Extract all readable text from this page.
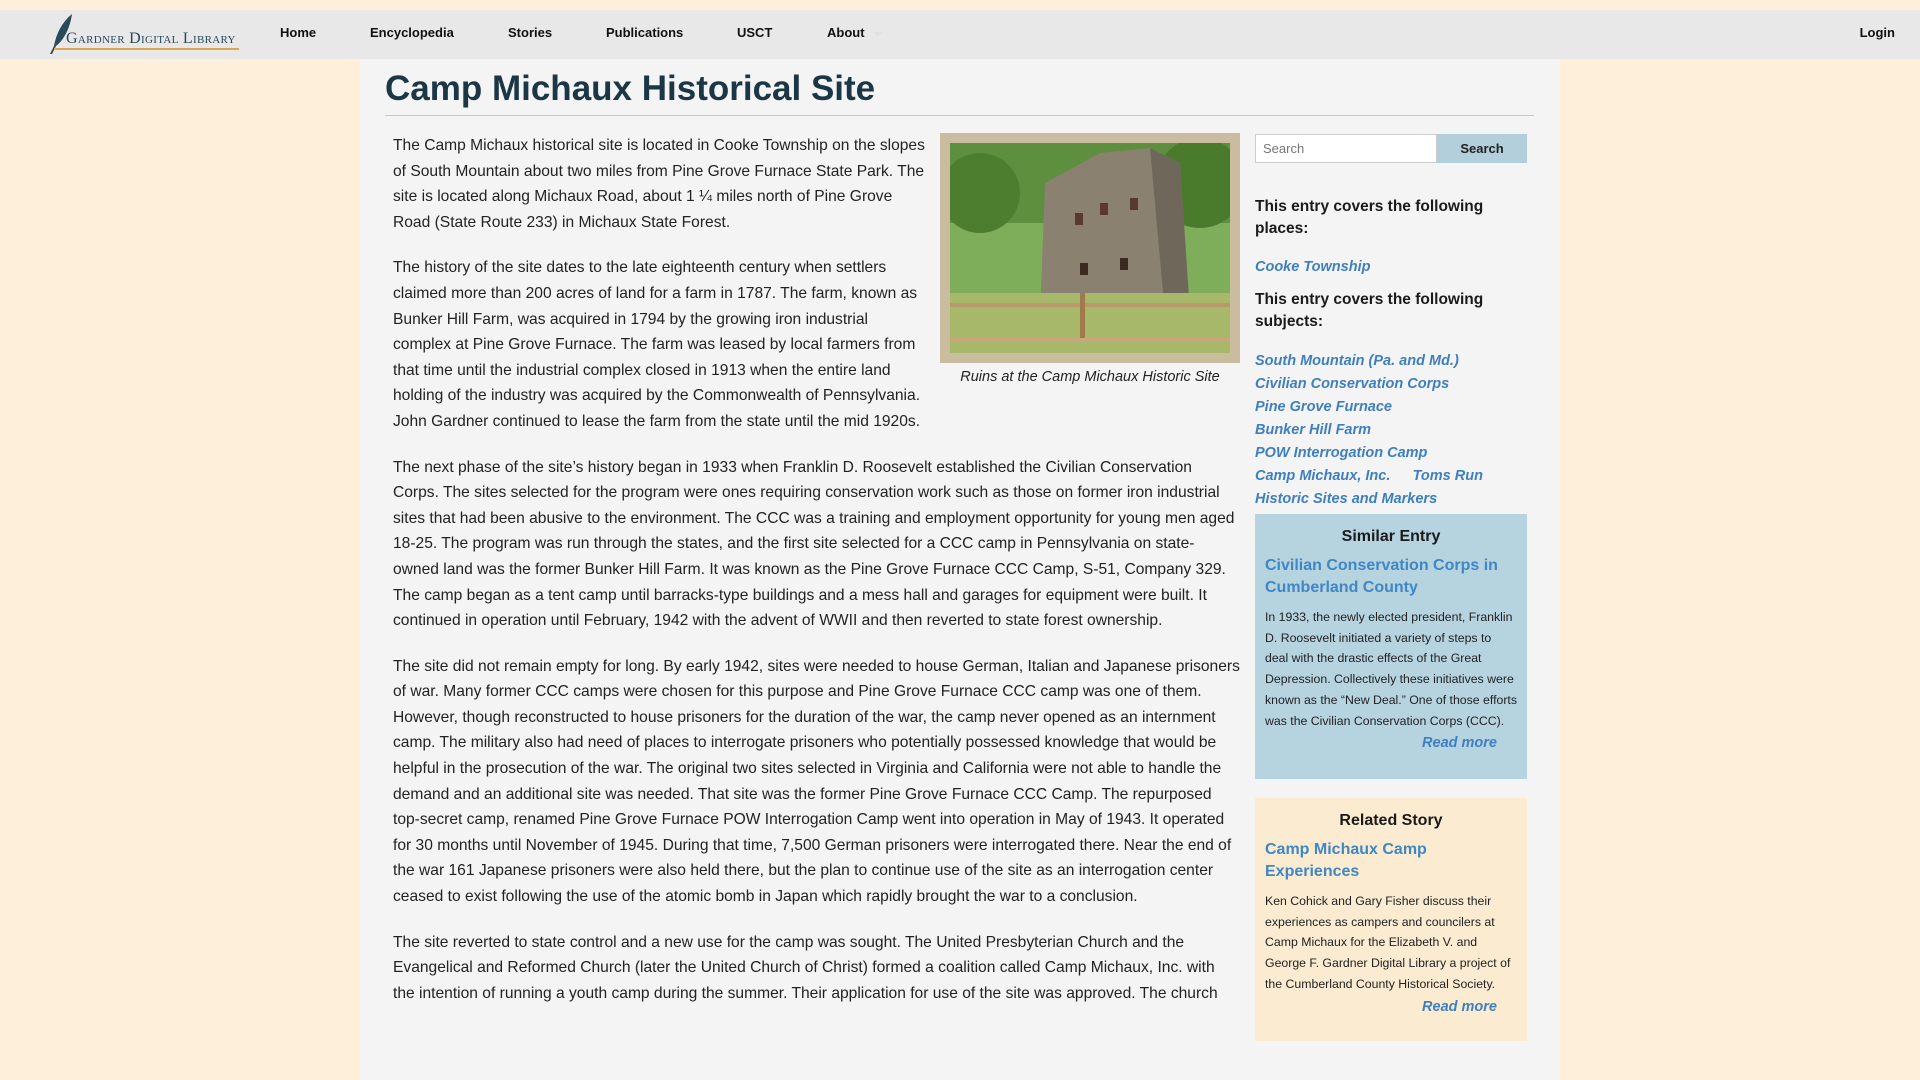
Gardner Digital Library	Home	Encyclopedia	Stories	Publications	USCT	About	Login
Camp Michaux Historical Site
Ruins at the Camp Michaux Historic Site

The Camp Michaux historical site is located in Cooke Township on the slopes of South Mountain about two miles from Pine Grove Furnace State Park. The site is located along Michaux Road, about 1 ¼ miles north of Pine Grove Road (State Route 233) in Michaux State Forest.

The history of the site dates to the late eighteenth century when settlers claimed more than 200 acres of land for a farm in 1787. The farm, known as Bunker Hill Farm, was acquired in 1794 by the growing iron industrial complex at Pine Grove Furnace. The farm was leased by local farmers from that time until the industrial complex closed in 1913 when the entire land holding of the industry was acquired by the Commonwealth of Pennsylvania. John Gardner continued to lease the farm from the state until the mid 1920s.

The next phase of the site’s history began in 1933 when Franklin D. Roosevelt established the Civilian Conservation Corps. The sites selected for the program were ones requiring conservation work such as those on former iron industrial sites that had been abusive to the environment. The CCC was a training and employment opportunity for young men aged 18-25. The program was run through the states, and the first site selected for a CCC camp in Pennsylvania on state-owned land was the former Bunker Hill Farm. It was known as the Pine Grove Furnace CCC Camp, S-51, Company 329. The camp began as a tent camp until barracks-type buildings and a mess hall and garages for equipment were built. It continued in operation until February, 1942 with the advent of WWII and then reverted to state forest ownership.

The site did not remain empty for long. By early 1942, sites were needed to house German, Italian and Japanese prisoners of war. Many former CCC camps were chosen for this purpose and Pine Grove Furnace CCC camp was one of them. However, though reconstructed to house prisoners for the duration of the war, the camp never opened as an internment camp. The military also had need of places to interrogate prisoners who potentially possessed knowledge that would be helpful in the prosecution of the war. The original two sites selected in Virginia and California were not able to handle the demand and an additional site was needed. That site was the former Pine Grove Furnace CCC Camp. The repurposed top-secret camp, renamed Pine Grove Furnace POW Interrogation Camp went into operation in May of 1943. It operated for 30 months until November of 1945. During that time, 7,500 German prisoners were interrogated there. Near the end of the war 161 Japanese prisoners were also held there, but the plan to continue use of the site as an interrogation center ceased to exist following the use of the atomic bomb in Japan which rapidly brought the war to a conclusion.

The site reverted to state control and a new use for the camp was sought. The United Presbyterian Church and the Evangelical and Reformed Church (later the United Church of Christ) formed a coalition called Camp Michaux, Inc. with the intention of running a youth camp during the summer. Their application for use of the site was approved. The church

Search
Search
This entry covers the following places:
Cooke Township
This entry covers the following subjects:
South Mountain (Pa. and Md.)
Civilian Conservation Corps
Pine Grove Furnace
Bunker Hill Farm
POW Interrogation Camp
Camp Michaux, Inc. Toms Run
Historic Sites and Markers
Similar Entry
Civilian Conservation Corps in Cumberland County
In 1933, the newly elected president, Franklin D. Roosevelt initiated a variety of steps to deal with the drastic effects of the Great Depression. Collectively these initiatives were known as the “New Deal.” One of those efforts was the Civilian Conservation Corps (CCC).
Read more
Related Story
Camp Michaux Camp Experiences
Ken Cohick and Gary Fisher discuss their experiences as campers and councilers at Camp Michaux for the Elizabeth V. and George F. Gardner Digital Library a project of the Cumberland County Historical Society.
Read more
